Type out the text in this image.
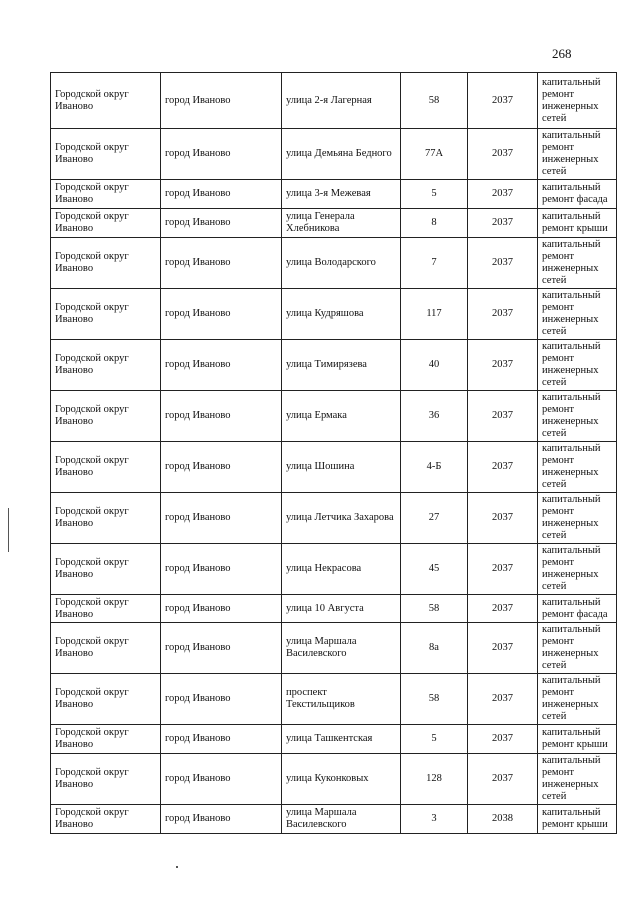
268
Городской округ Иваново	город Иваново	улица 2-я Лагерная	58	2037	капитальный ремонт инженерных сетей
Городской округ Иваново	город Иваново	улица Демьяна Бедного	77А	2037	капитальный ремонт инженерных сетей
Городской округ Иваново	город Иваново	улица 3-я Межевая	5	2037	капитальный ремонт фасада
Городской округ Иваново	город Иваново	улица Генерала Хлебникова	8	2037	капитальный ремонт крыши
Городской округ Иваново	город Иваново	улица Володарского	7	2037	капитальный ремонт инженерных сетей
Городской округ Иваново	город Иваново	улица Кудряшова	117	2037	капитальный ремонт инженерных сетей
Городской округ Иваново	город Иваново	улица Тимирязева	40	2037	капитальный ремонт инженерных сетей
Городской округ Иваново	город Иваново	улица Ермака	36	2037	капитальный ремонт инженерных сетей
Городской округ Иваново	город Иваново	улица Шошина	4-Б	2037	капитальный ремонт инженерных сетей
Городской округ Иваново	город Иваново	улица Летчика Захарова	27	2037	капитальный ремонт инженерных сетей
Городской округ Иваново	город Иваново	улица Некрасова	45	2037	капитальный ремонт инженерных сетей
Городской округ Иваново	город Иваново	улица 10 Августа	58	2037	капитальный ремонт фасада
Городской округ Иваново	город Иваново	улица Маршала Василевского	8а	2037	капитальный ремонт инженерных сетей
Городской округ Иваново	город Иваново	проспект Текстильщиков	58	2037	капитальный ремонт инженерных сетей
Городской округ Иваново	город Иваново	улица Ташкентская	5	2037	капитальный ремонт крыши
Городской округ Иваново	город Иваново	улица Куконковых	128	2037	капитальный ремонт инженерных сетей
Городской округ Иваново	город Иваново	улица Маршала Василевского	3	2038	капитальный ремонт крыши
